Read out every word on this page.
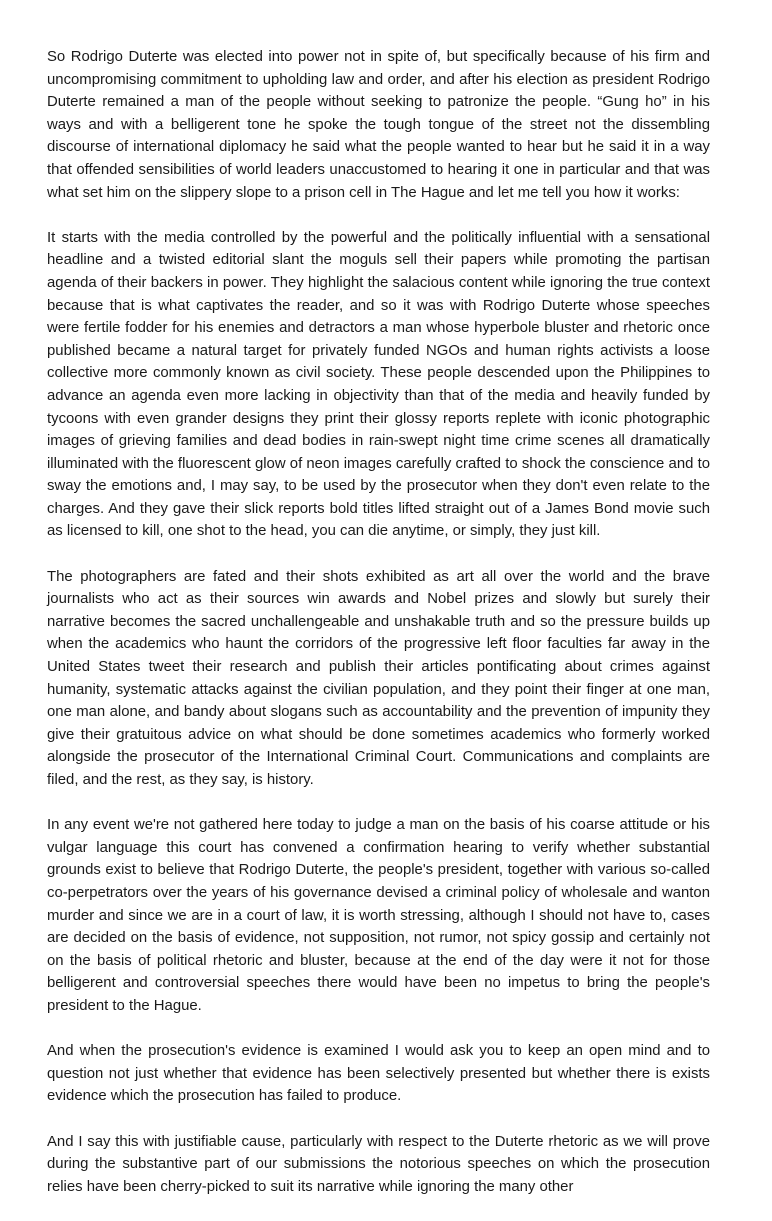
So Rodrigo Duterte was elected into power not in spite of, but specifically because of his firm and uncompromising commitment to upholding law and order, and after his election as president Rodrigo Duterte remained a man of the people without seeking to patronize the people. “Gung ho” in his ways and with a belligerent tone he spoke the tough tongue of the street not the dissembling discourse of international diplomacy he said what the people wanted to hear but he said it in a way that offended sensibilities of world leaders unaccustomed to hearing it one in particular and that was what set him on the slippery slope to a prison cell in The Hague and let me tell you how it works:

It starts with the media controlled by the powerful and the politically influential with a sensational headline and a twisted editorial slant the moguls sell their papers while promoting the partisan agenda of their backers in power. They highlight the salacious content while ignoring the true context because that is what captivates the reader, and so it was with Rodrigo Duterte whose speeches were fertile fodder for his enemies and detractors a man whose hyperbole bluster and rhetoric once published became a natural target for privately funded NGOs and human rights activists a loose collective more commonly known as civil society. These people descended upon the Philippines to advance an agenda even more lacking in objectivity than that of the media and heavily funded by tycoons with even grander designs they print their glossy reports replete with iconic photographic images of grieving families and dead bodies in rain-swept night time crime scenes all dramatically illuminated with the fluorescent glow of neon images carefully crafted to shock the conscience and to sway the emotions and, I may say, to be used by the prosecutor when they don't even relate to the charges. And they gave their slick reports bold titles lifted straight out of a James Bond movie such as licensed to kill, one shot to the head, you can die anytime, or simply, they just kill.

The photographers are fated and their shots exhibited as art all over the world and the brave journalists who act as their sources win awards and Nobel prizes and slowly but surely their narrative becomes the sacred unchallengeable and unshakable truth and so the pressure builds up when the academics who haunt the corridors of the progressive left floor faculties far away in the United States tweet their research and publish their articles pontificating about crimes against humanity, systematic attacks against the civilian population, and they point their finger at one man, one man alone, and bandy about slogans such as accountability and the prevention of impunity they give their gratuitous advice on what should be done sometimes academics who formerly worked alongside the prosecutor of the International Criminal Court. Communications and complaints are filed, and the rest, as they say, is history.

In any event we're not gathered here today to judge a man on the basis of his coarse attitude or his vulgar language this court has convened a confirmation hearing to verify whether substantial grounds exist to believe that Rodrigo Duterte, the people's president, together with various so-called co-perpetrators over the years of his governance devised a criminal policy of wholesale and wanton murder and since we are in a court of law, it is worth stressing, although I should not have to, cases are decided on the basis of evidence, not supposition, not rumor, not spicy gossip and certainly not on the basis of political rhetoric and bluster, because at the end of the day were it not for those belligerent and controversial speeches there would have been no impetus to bring the people's president to the Hague.

And when the prosecution's evidence is examined I would ask you to keep an open mind and to question not just whether that evidence has been selectively presented but whether there is exists evidence which the prosecution has failed to produce.

And I say this with justifiable cause, particularly with respect to the Duterte rhetoric as we will prove during the substantive part of our submissions the notorious speeches on which the prosecution relies have been cherry-picked to suit its narrative while ignoring the many other
